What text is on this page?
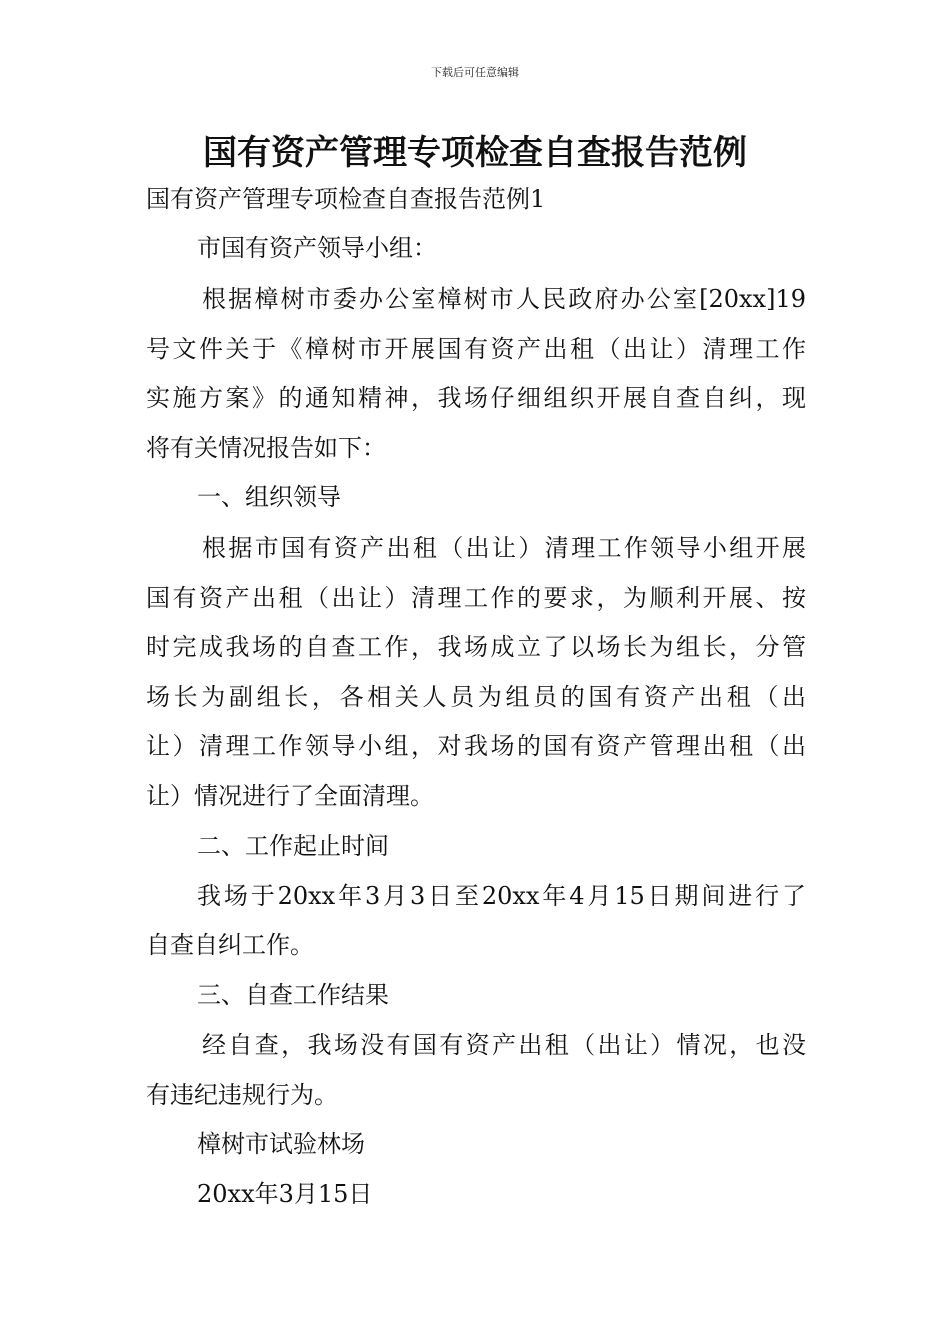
下载后可任意编辑
国有资产管理专项检查自查报告范例
国有资产管理专项检查自查报告范例1
市国有资产领导小组：
根据樟树市委办公室樟树市人民政府办公室[20xx]19
号文件关于《樟树市开展国有资产出租（出让）清理工作
实施方案》的通知精神，我场仔细组织开展自查自纠，现
将有关情况报告如下：
一、组织领导
根据市国有资产出租（出让）清理工作领导小组开展
国有资产出租（出让）清理工作的要求，为顺利开展、按
时完成我场的自查工作，我场成立了以场长为组长，分管
场长为副组长，各相关人员为组员的国有资产出租（出
让）清理工作领导小组，对我场的国有资产管理出租（出
让）情况进行了全面清理。
二、工作起止时间
我场于20xx年3月3日至20xx年4月15日期间进行了
自查自纠工作。
三、自查工作结果
经自查，我场没有国有资产出租（出让）情况，也没
有违纪违规行为。
樟树市试验林场
20xx年3月15日
